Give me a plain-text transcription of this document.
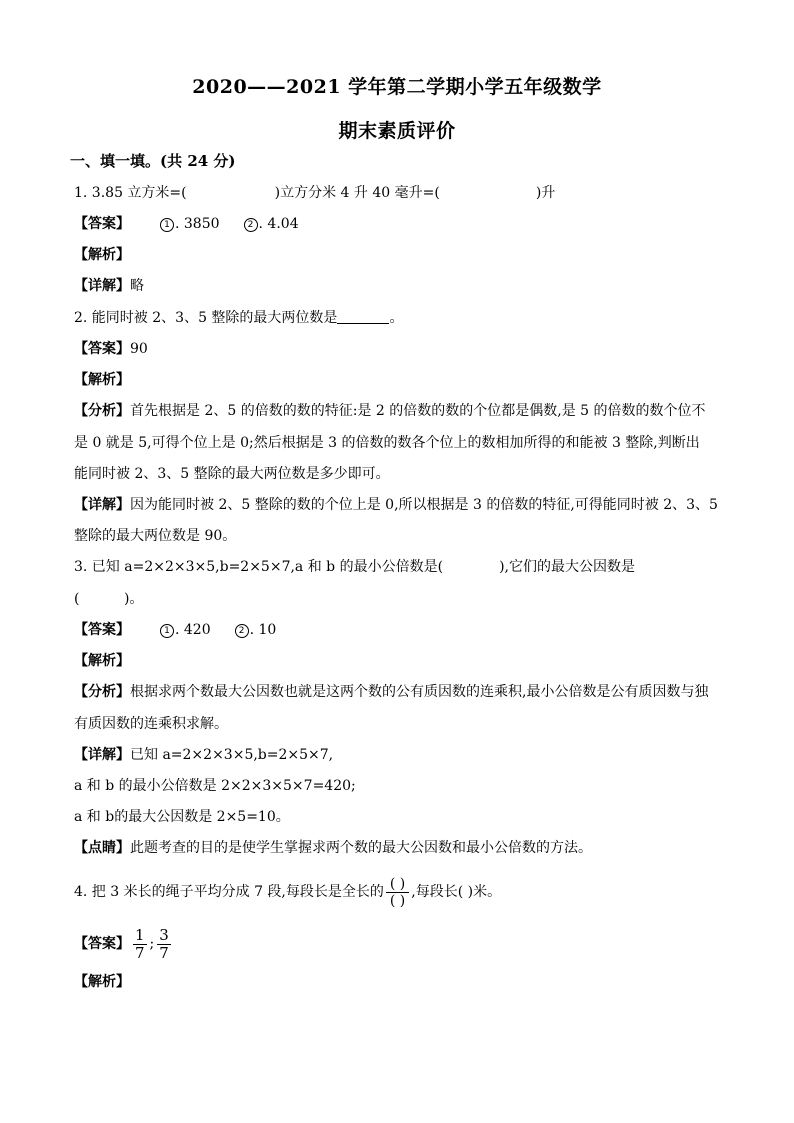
2020——2021 学年第二学期小学五年级数学
期末素质评价
一、填一填。(共 24 分)
1. 3.85 立方米=(	)立方分米 4 升 40 毫升=(	)升
【答案】	1 . 3850	2 . 4.04
【解析】
【详解】略
2. 能同时被 2、3、5 整除的最大两位数是	。
【答案】90
【解析】
【分析】首先根据是 2、5 的倍数的数的特征:是 2 的倍数的数的个位都是偶数,是 5 的倍数的数个位不
是 0 就是 5,可得个位上是 0;然后根据是 3 的倍数的数各个位上的数相加所得的和能被 3 整除,判断出
能同时被 2、3、5 整除的最大两位数是多少即可。
【详解】因为能同时被 2、5 整除的数的个位上是 0,所以根据是 3 的倍数的特征,可得能同时被 2、3、5
整除的最大两位数是 90。
3. 已知 a=2×2×3×5,b=2×5×7,a 和 b 的最小公倍数是(	),它们的最大公因数是
(          )。
【答案】	1 . 420	2 . 10
【解析】
【分析】根据求两个数最大公因数也就是这两个数的公有质因数的连乘积,最小公倍数是公有质因数与独
有质因数的连乘积求解。
【详解】已知 a=2×2×3×5,b=2×5×7,
a 和 b 的最小公倍数是 2×2×3×5×7=420;
a 和 b的最大公因数是 2×5=10。
【点睛】此题考查的目的是使学生掌握求两个数的最大公因数和最小公倍数的方法。
4. 把 3 米长的绳子平均分成 7 段,每段长是全长的 $\frac{( )}{( )}$ ,每段长( )米。
【答案】 $\frac{1}{7}$ ; $\frac{3}{7}$
【解析】
